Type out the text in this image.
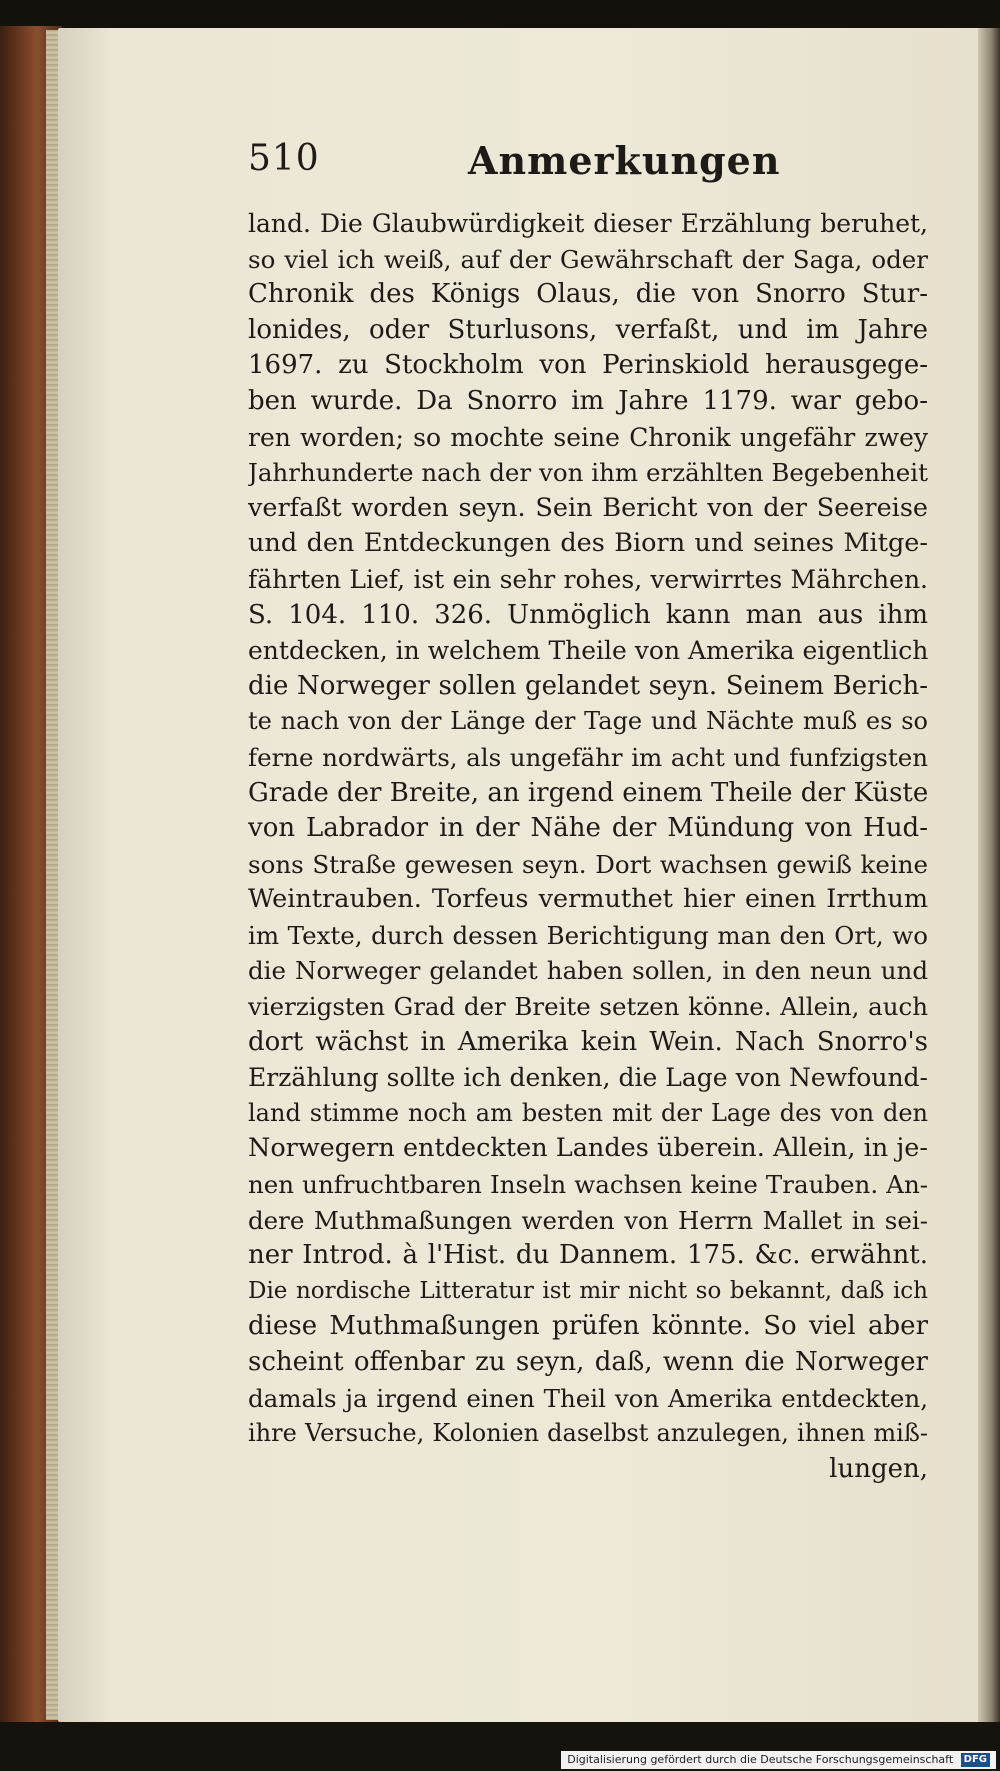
510	Anmerkungen
land. Die Glaubwürdigkeit dieser Erzählung beruhet,
so viel ich weiß, auf der Gewährschaft der Saga, oder
Chronik des Königs Olaus, die von Snorro Stur-
lonides, oder Sturlusons, verfaßt, und im Jahre
1697. zu Stockholm von Perinskiold herausgege-
ben wurde. Da Snorro im Jahre 1179. war gebo-
ren worden; so mochte seine Chronik ungefähr zwey
Jahrhunderte nach der von ihm erzählten Begebenheit
verfaßt worden seyn. Sein Bericht von der Seereise
und den Entdeckungen des Biorn und seines Mitge-
fährten Lief, ist ein sehr rohes, verwirrtes Mährchen.
S. 104. 110. 326. Unmöglich kann man aus ihm
entdecken, in welchem Theile von Amerika eigentlich
die Norweger sollen gelandet seyn. Seinem Berich-
te nach von der Länge der Tage und Nächte muß es so
ferne nordwärts, als ungefähr im acht und funfzigsten
Grade der Breite, an irgend einem Theile der Küste
von Labrador in der Nähe der Mündung von Hud-
sons Straße gewesen seyn. Dort wachsen gewiß keine
Weintrauben. Torfeus vermuthet hier einen Irrthum
im Texte, durch dessen Berichtigung man den Ort, wo
die Norweger gelandet haben sollen, in den neun und
vierzigsten Grad der Breite setzen könne. Allein, auch
dort wächst in Amerika kein Wein. Nach Snorro's
Erzählung sollte ich denken, die Lage von Newfound-
land stimme noch am besten mit der Lage des von den
Norwegern entdeckten Landes überein. Allein, in je-
nen unfruchtbaren Inseln wachsen keine Trauben. An-
dere Muthmaßungen werden von Herrn Mallet in sei-
ner Introd. à l'Hist. du Dannem. 175. &c. erwähnt.
Die nordische Litteratur ist mir nicht so bekannt, daß ich
diese Muthmaßungen prüfen könnte. So viel aber
scheint offenbar zu seyn, daß, wenn die Norweger
damals ja irgend einen Theil von Amerika entdeckten,
ihre Versuche, Kolonien daselbst anzulegen, ihnen miß-
lungen,
Digitalisierung gefördert durch die Deutsche Forschungsgemeinschaft DFG
